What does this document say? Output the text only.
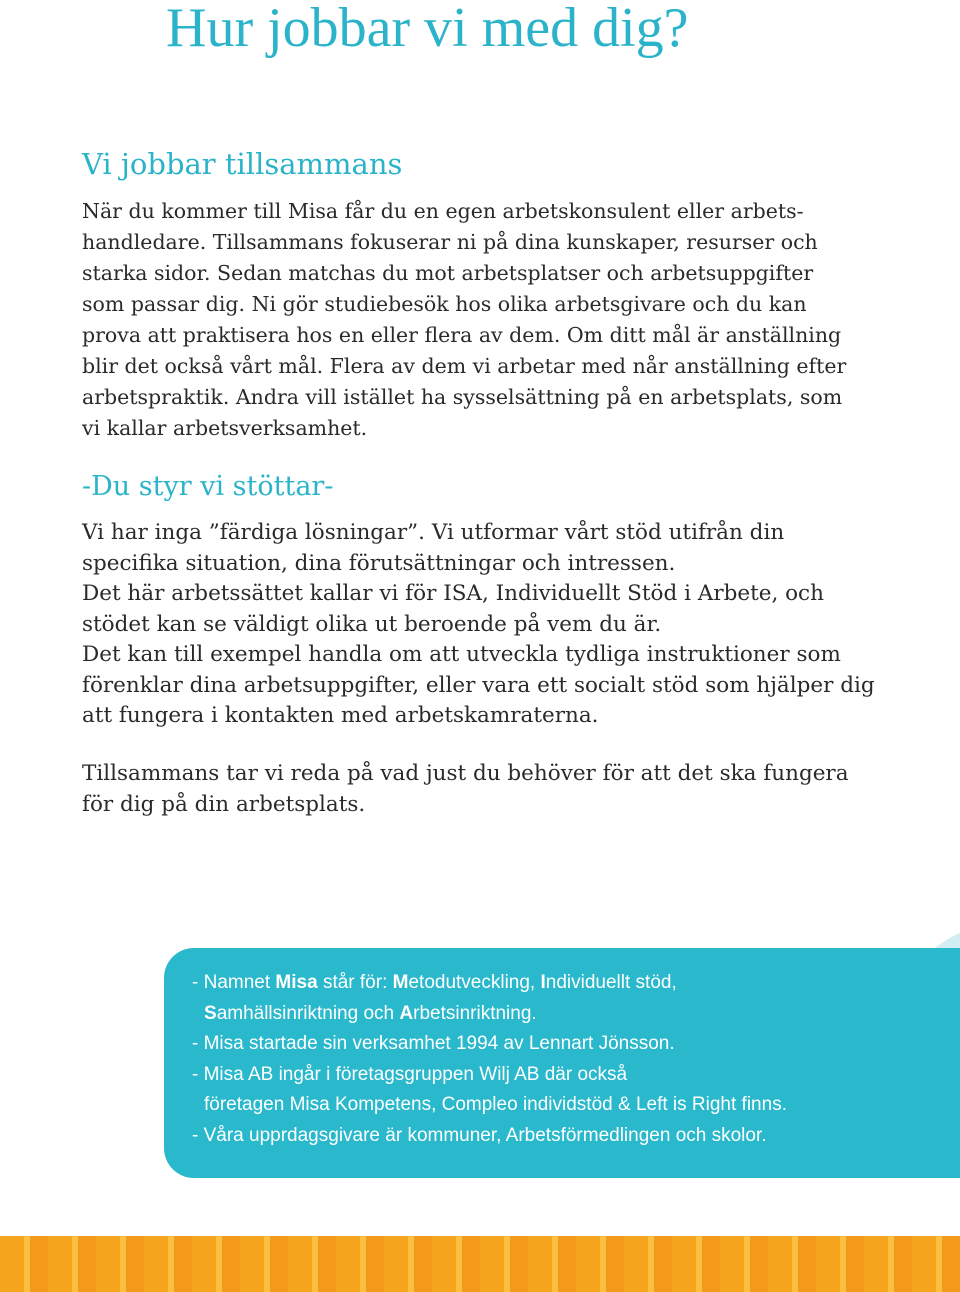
Hur jobbar vi med dig?
Vi jobbar tillsammans

När du kommer till Misa får du en egen arbetskonsulent eller arbets-
handledare. Tillsammans fokuserar ni på dina kunskaper, resurser och
starka sidor. Sedan matchas du mot arbetsplatser och arbetsuppgifter
som passar dig. Ni gör studiebesök hos olika arbetsgivare och du kan
prova att praktisera hos en eller flera av dem. Om ditt mål är anställning
blir det också vårt mål. Flera av dem vi arbetar med når anställning efter
arbetspraktik. Andra vill istället ha sysselsättning på en arbetsplats, som
vi kallar arbetsverksamhet.

-Du styr vi stöttar-

Vi har inga ”färdiga lösningar”. Vi utformar vårt stöd utifrån din
specifika situation, dina förutsättningar och intressen.
Det här arbetssättet kallar vi för ISA, Individuellt Stöd i Arbete, och
stödet kan se väldigt olika ut beroende på vem du är.
Det kan till exempel handla om att utveckla tydliga instruktioner som
förenklar dina arbetsuppgifter, eller vara ett socialt stöd som hjälper dig
att fungera i kontakten med arbetskamraterna.

Tillsammans tar vi reda på vad just du behöver för att det ska fungera
för dig på din arbetsplats.

- Namnet Misa står för: Metodutveckling, Individuellt stöd,
Samhällsinriktning och Arbetsinriktning.
- Misa startade sin verksamhet 1994 av Lennart Jönsson.
- Misa AB ingår i företagsgruppen Wilj AB där också
företagen Misa Kompetens, Compleo individstöd & Left is Right finns.
- Våra upprdagsgivare är kommuner, Arbetsförmedlingen och skolor.
